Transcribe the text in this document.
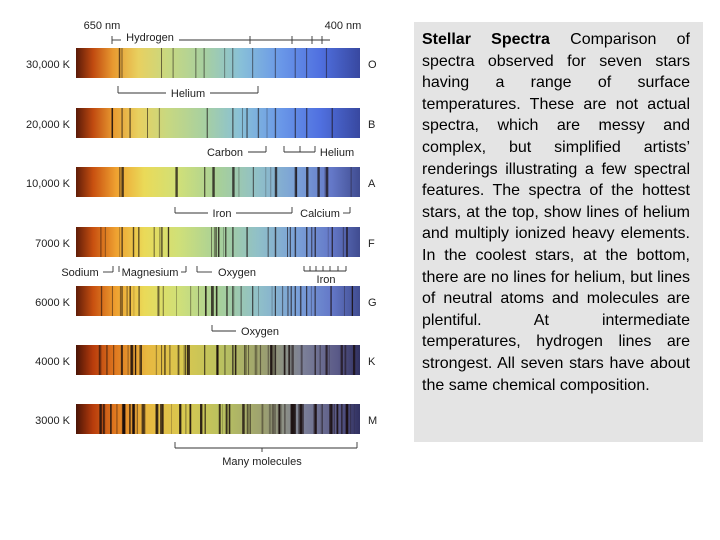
30,000 K	O
20,000 K	B
10,000 K	A
7000 K	F
6000 K	G
4000 K	K
3000 K	M
650 nm	400 nm
Hydrogen
Helium
Carbon	Helium
Iron	Calcium
Sodium Magnesium	Oxygen
Iron
Oxygen
Many molecules

Stellar Spectra Comparison of spectra observed for seven stars having a range of surface temperatures. These are not actual spectra, which are messy and complex, but simplified artists’ renderings illustrating a few spectral features. The spectra of the hottest stars, at the top, show lines of helium and multiply ionized heavy elements. In the coolest stars, at the bottom, there are no lines for helium, but lines of neutral atoms and molecules are plentiful. At intermediate temperatures, hydrogen lines are strongest. All seven stars have about the same chemical composition.
